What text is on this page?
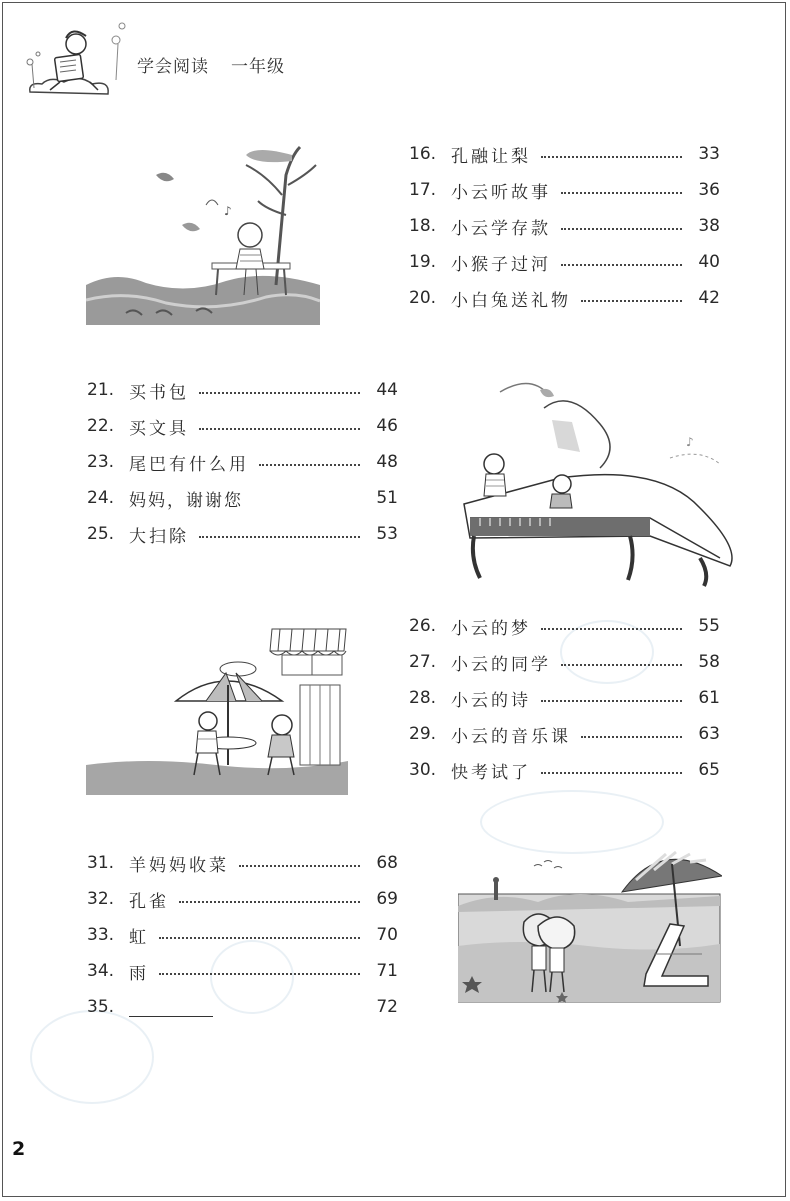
学会阅读 一年级
♪
16. 孔融让梨	33
17. 小云听故事	36
18. 小云学存款	38
19. 小猴子过河	40
20. 小白兔送礼物	42
21. 买书包	44
22. 买文具	46
23. 尾巴有什么用	48
24. 妈妈，谢谢您	51
25. 大扫除	53
♪
26. 小云的梦	55
27. 小云的同学	58
28. 小云的诗	61
29. 小云的音乐课	63
30. 快考试了	65
31. 羊妈妈收菜	68
32. 孔雀	69
33. 虹	70
34. 雨	71
35.	72
2
